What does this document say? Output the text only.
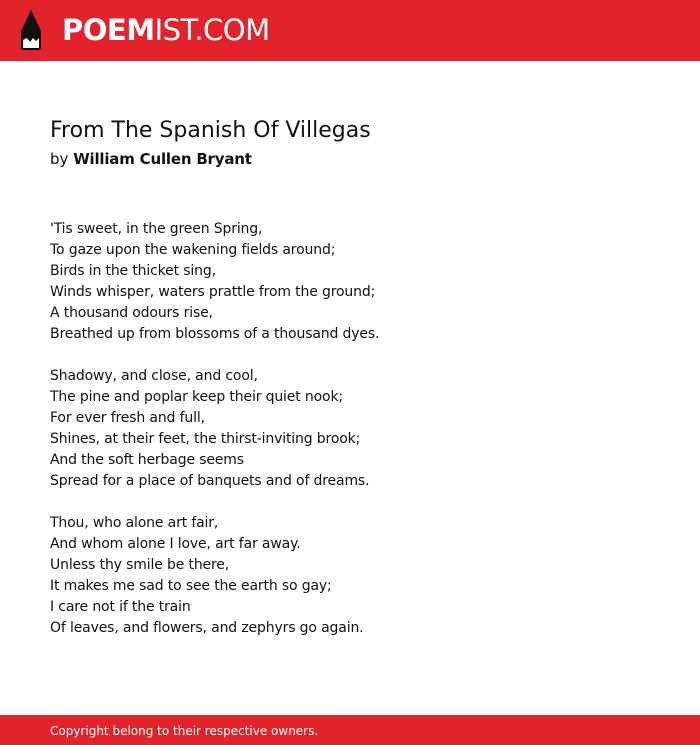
POEMIST.COM
From The Spanish Of Villegas
by William Cullen Bryant
'Tis sweet, in the green Spring,
To gaze upon the wakening fields around;
Birds in the thicket sing,
Winds whisper, waters prattle from the ground;
A thousand odours rise,
Breathed up from blossoms of a thousand dyes.
Shadowy, and close, and cool,
The pine and poplar keep their quiet nook;
For ever fresh and full,
Shines, at their feet, the thirst-inviting brook;
And the soft herbage seems
Spread for a place of banquets and of dreams.
Thou, who alone art fair,
And whom alone I love, art far away.
Unless thy smile be there,
It makes me sad to see the earth so gay;
I care not if the train
Of leaves, and flowers, and zephyrs go again.
Copyright belong to their respective owners.
